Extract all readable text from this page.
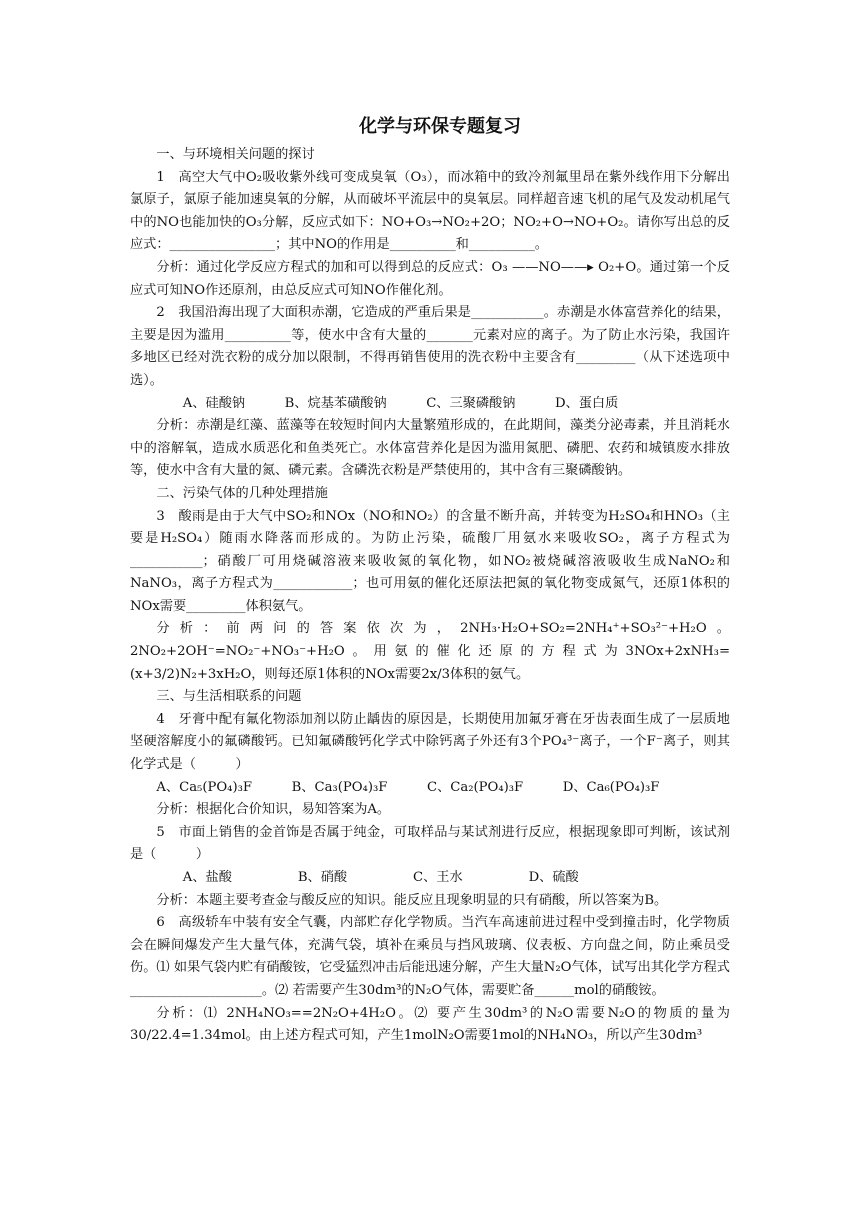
化学与环保专题复习

一、与环境相关问题的探讨

1　高空大气中O₂吸收紫外线可变成臭氧（O₃），而冰箱中的致冷剂氟里昂在紫外线作用下分解出氯原子，氯原子能加速臭氧的分解，从而破坏平流层中的臭氧层。同样超音速飞机的尾气及发动机尾气中的NO也能加快的O₃分解，反应式如下：NO+O₃→NO₂+2O；NO₂+O→NO+O₂。请你写出总的反应式：________________；其中NO的作用是__________和__________。

分析：通过化学反应方程式的加和可以得到总的反应式：O₃ ——NO——▸ O₂+O。通过第一个反应式可知NO作还原剂，由总反应式可知NO作催化剂。

2　我国沿海出现了大面积赤潮，它造成的严重后果是___________。赤潮是水体富营养化的结果，主要是因为滥用__________等，使水中含有大量的_______元素对应的离子。为了防止水污染，我国许多地区已经对洗衣粉的成分加以限制，不得再销售使用的洗衣粉中主要含有_________（从下述选项中选）。

A、硅酸钠　　　B、烷基苯磺酸钠　　　C、三聚磷酸钠　　　D、蛋白质

分析：赤潮是红藻、蓝藻等在较短时间内大量繁殖形成的，在此期间，藻类分泌毒素，并且消耗水中的溶解氧，造成水质恶化和鱼类死亡。水体富营养化是因为滥用氮肥、磷肥、农药和城镇废水排放等，使水中含有大量的氮、磷元素。含磷洗衣粉是严禁使用的，其中含有三聚磷酸钠。

二、污染气体的几种处理措施

3　酸雨是由于大气中SO₂和NOx（NO和NO₂）的含量不断升高，并转变为H₂SO₄和HNO₃（主要是H₂SO₄）随雨水降落而形成的。为防止污染，硫酸厂用氨水来吸收SO₂，离子方程式为___________；硝酸厂可用烧碱溶液来吸收氮的氧化物，如NO₂被烧碱溶液吸收生成NaNO₂和NaNO₃，离子方程式为____________；也可用氨的催化还原法把氮的氧化物变成氮气，还原1体积的NOx需要_________体积氨气。

分析：前两问的答案依次为，2NH₃·H₂O+SO₂=2NH₄⁺+SO₃²⁻+H₂O。2NO₂+2OH⁻=NO₂⁻+NO₃⁻+H₂O。用氨的催化还原的方程式为3NOx+2xNH₃=(x+3/2)N₂+3xH₂O，则每还原1体积的NOx需要2x/3体积的氨气。

三、与生活相联系的问题

4　牙膏中配有氟化物添加剂以防止龋齿的原因是，长期使用加氟牙膏在牙齿表面生成了一层质地坚硬溶解度小的氟磷酸钙。已知氟磷酸钙化学式中除钙离子外还有3个PO₄³⁻离子，一个F⁻离子，则其化学式是（　　　）

A、Ca₅(PO₄)₃F　　　B、Ca₃(PO₄)₃F　　　C、Ca₂(PO₄)₃F　　　D、Ca₆(PO₄)₃F

分析：根据化合价知识，易知答案为A。

5　市面上销售的金首饰是否属于纯金，可取样品与某试剂进行反应，根据现象即可判断，该试剂是（　　　）

A、盐酸　　　　　B、硝酸　　　　　C、王水　　　　　D、硫酸

分析：本题主要考查金与酸反应的知识。能反应且现象明显的只有硝酸，所以答案为B。

6　高级轿车中装有安全气囊，内部贮存化学物质。当汽车高速前进过程中受到撞击时，化学物质会在瞬间爆发产生大量气体，充满气袋，填补在乘员与挡风玻璃、仪表板、方向盘之间，防止乘员受伤。⑴ 如果气袋内贮有硝酸铵，它受猛烈冲击后能迅速分解，产生大量N₂O气体，试写出其化学方程式____________________。⑵ 若需要产生30dm³的N₂O气体，需要贮备______mol的硝酸铵。

分析：⑴ 2NH₄NO₃==2N₂O+4H₂O。⑵ 要产生30dm³的N₂O需要N₂O的物质的量为30/22.4=1.34mol。由上述方程式可知，产生1molN₂O需要1mol的NH₄NO₃，所以产生30dm³
